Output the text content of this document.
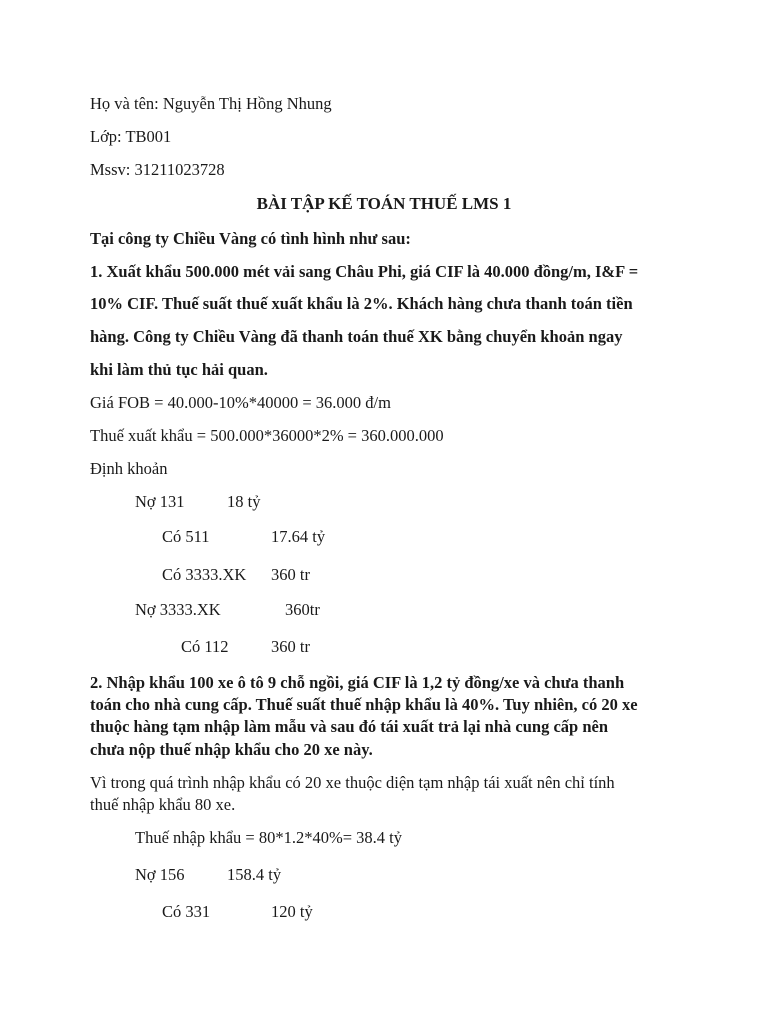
Họ và tên: Nguyễn Thị Hồng Nhung
Lớp: TB001
Mssv: 31211023728
BÀI TẬP KẾ TOÁN THUẾ LMS 1
Tại công ty Chiều Vàng có tình hình như sau:
1. Xuất khẩu 500.000 mét vải sang Châu Phi, giá CIF là 40.000 đồng/m, I&F =
10% CIF. Thuế suất thuế xuất khẩu là 2%. Khách hàng chưa thanh toán tiền
hàng. Công ty Chiều Vàng đã thanh toán thuế XK bằng chuyển khoản ngay
khi làm thủ tục hải quan.
Giá FOB = 40.000-10%*40000 = 36.000 đ/m
Thuế xuất khẩu = 500.000*36000*2% = 360.000.000
Định khoản
Nợ 131	18 tỷ
Có 511	17.64 tỷ
Có 3333.XK 360 tr
Nợ 3333.XK	360tr
Có 112	360 tr
2. Nhập khẩu 100 xe ô tô 9 chỗ ngồi, giá CIF là 1,2 tỷ đồng/xe và chưa thanh
toán cho nhà cung cấp. Thuế suất thuế nhập khẩu là 40%. Tuy nhiên, có 20 xe
thuộc hàng tạm nhập làm mẫu và sau đó tái xuất trả lại nhà cung cấp nên
chưa nộp thuế nhập khẩu cho 20 xe này.
Vì trong quá trình nhập khẩu có 20 xe thuộc diện tạm nhập tái xuất nên chỉ tính
thuế nhập khẩu 80 xe.
Thuế nhập khẩu = 80*1.2*40%= 38.4 tỷ
Nợ 156	158.4 tỷ
Có 331	120 tỷ
